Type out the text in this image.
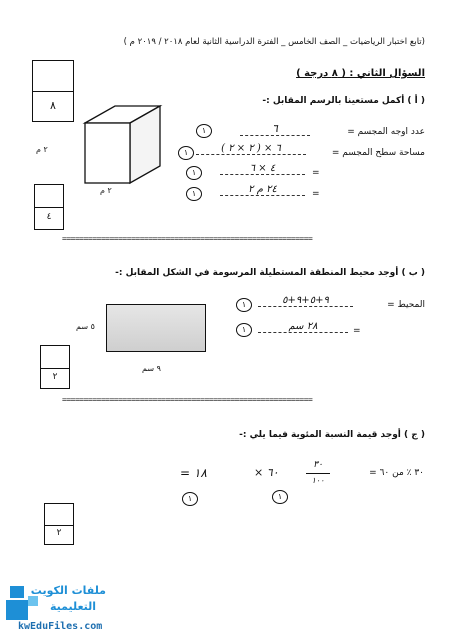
(تابع اختبار الرياضيات _ الصف الخامس _ الفترة الدراسية الثانية لعام ٢٠١٨ / ٢٠١٩ م )
السؤال الثاني : ( ٨ درجة )
٨	( أ ) أكمل مستعينا بالرسم المقابل :-
٢ م
٢ م
٤
عدد اوجه المجسم =
٦
١
مساحة سطح المجسم =
( ٢ × ٢ ) × ٦
١
=
٤ × ٦
١
=
٢٤ م ٢
١
==========================================================
( ب ) أوجد محيط المنطقة المستطيلة المرسومة في الشكل المقابل :-
المحيط =
٩+٥+٩+٥
١
=
٢٨ سم
١
٥ سم
٩ سم
٢
==========================================================
( ج ) أوجد قيمة النسبة المئوية فيما يلي :-
٣٠ ٪ من ٦٠ =
٣٠
١٠٠
× ٦٠
= ١٨
١
١
٢
ملفات الكويت
التعليمية
kwEduFiles.com
